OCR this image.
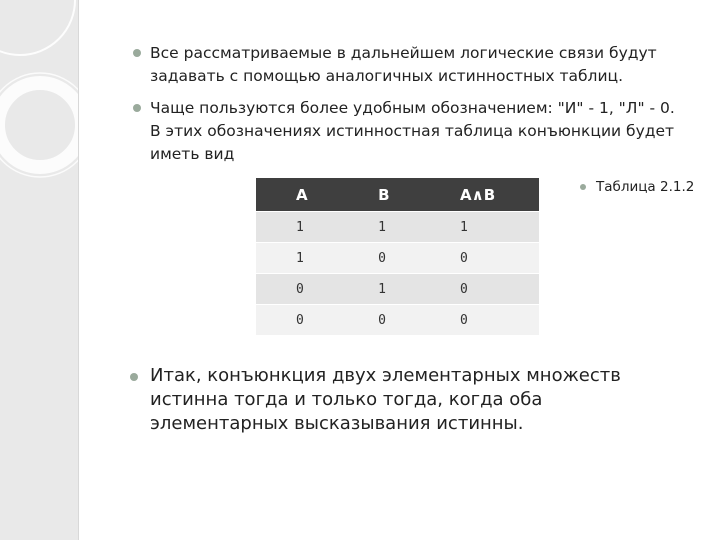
Все рассматриваемые в дальнейшем логические связи будут
задавать с помощью аналогичных истинностных таблиц.
Чаще пользуются более удобным обозначением: "И" - 1, "Л" - 0.
В этих обозначениях истинностная таблица конъюнкции будет
иметь вид
A	B	A∧B
1	1	1
1	0	0
0	1	0
0	0	0
Таблица 2.1.2
Итак, конъюнкция двух элементарных множеств
истинна тогда и только тогда, когда оба
элементарных высказывания истинны.
